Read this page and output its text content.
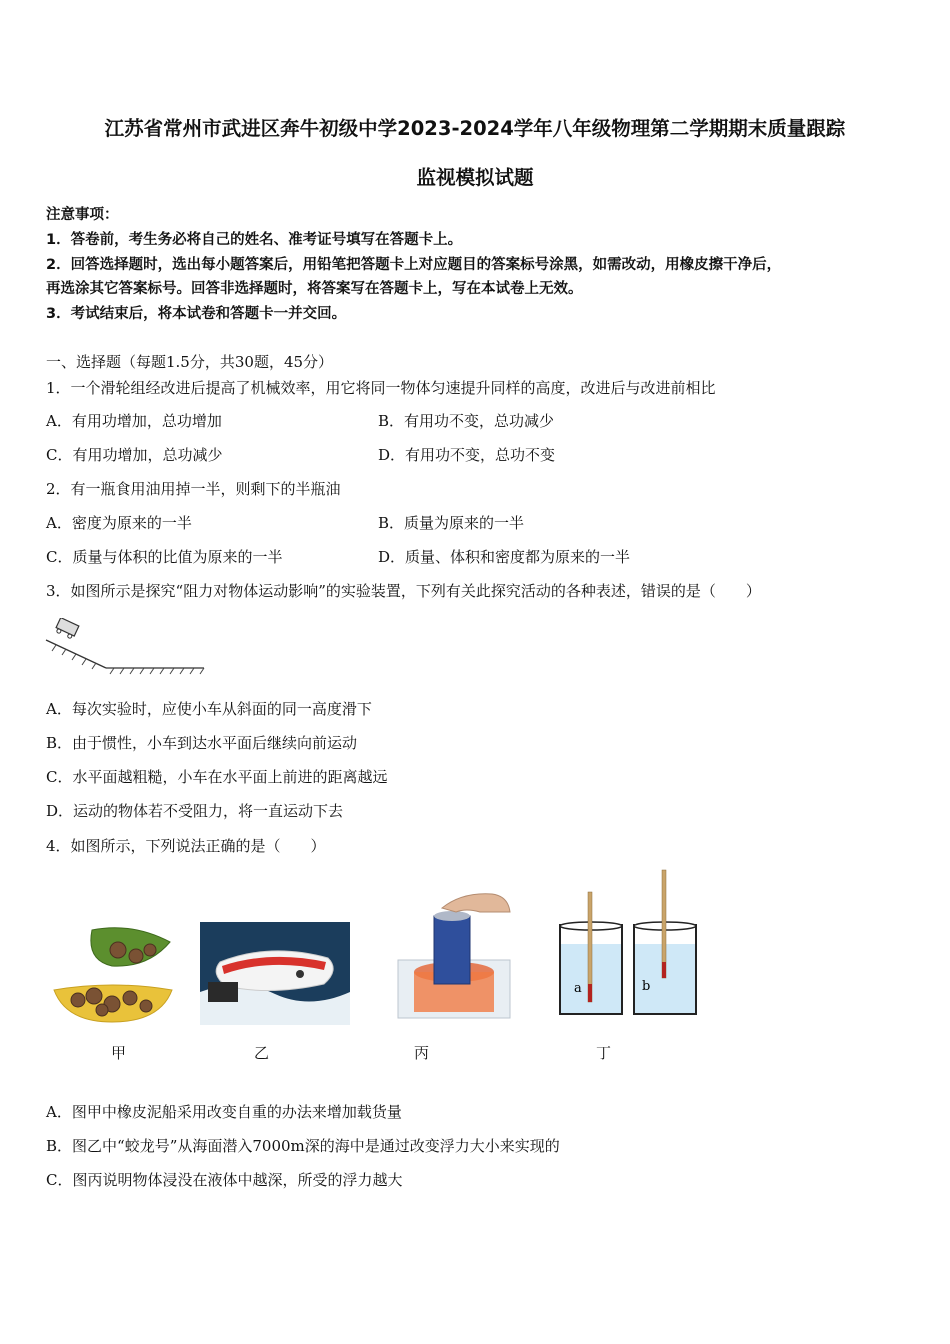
江苏省常州市武进区奔牛初级中学2023-2024学年八年级物理第二学期期末质量跟踪
监视模拟试题
注意事项：
1．答卷前，考生务必将自己的姓名、准考证号填写在答题卡上。
2．回答选择题时，选出每小题答案后，用铅笔把答题卡上对应题目的答案标号涂黑，如需改动，用橡皮擦干净后，
再选涂其它答案标号。回答非选择题时，将答案写在答题卡上，写在本试卷上无效。
3．考试结束后，将本试卷和答题卡一并交回。
一、选择题（每题1.5分，共30题，45分）
1．一个滑轮组经改进后提高了机械效率，用它将同一物体匀速提升同样的高度，改进后与改进前相比
A．有用功增加，总功增加	B．有用功不变，总功减少
C．有用功增加，总功减少	D．有用功不变，总功不变
2．有一瓶食用油用掉一半，则剩下的半瓶油
A．密度为原来的一半	B．质量为原来的一半
C．质量与体积的比值为原来的一半	D．质量、体积和密度都为原来的一半
3．如图所示是探究“阻力对物体运动影响”的实验装置，下列有关此探究活动的各种表述，错误的是（　　）
A．每次实验时，应使小车从斜面的同一高度滑下
B．由于惯性，小车到达水平面后继续向前运动
C．水平面越粗糙，小车在水平面上前进的距离越远
D．运动的物体若不受阻力，将一直运动下去
4．如图所示，下列说法正确的是（　　）
a	b
甲	乙	丙	丁
A．图甲中橡皮泥船采用改变自重的办法来增加载货量
B．图乙中“蛟龙号”从海面潜入7000m深的海中是通过改变浮力大小来实现的
C．图丙说明物体浸没在液体中越深，所受的浮力越大
